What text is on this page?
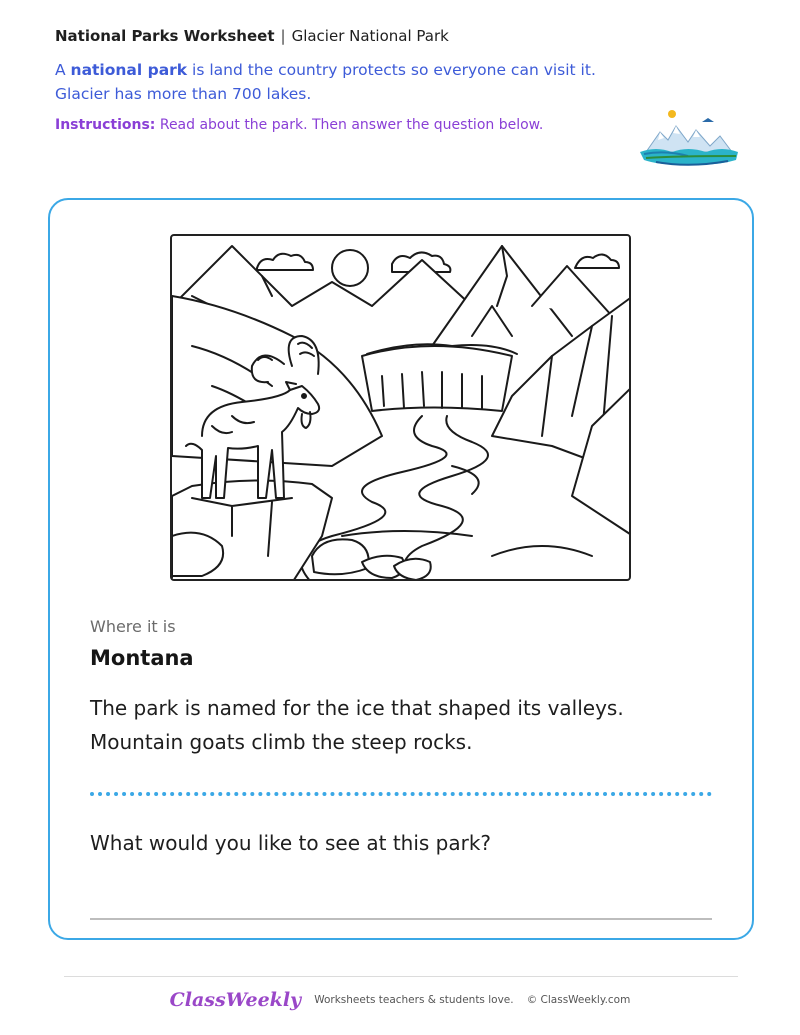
National Parks Worksheet | Glacier National Park
A national park is land the country protects so everyone can visit it.
Glacier has more than 700 lakes.
Instructions: Read about the park. Then answer the question below.
Where it is
Montana
The park is named for the ice that shaped its valleys. Mountain goats climb the steep rocks.
What would you like to see at this park?
ClassWeekly Worksheets teachers & students love. © ClassWeekly.com
